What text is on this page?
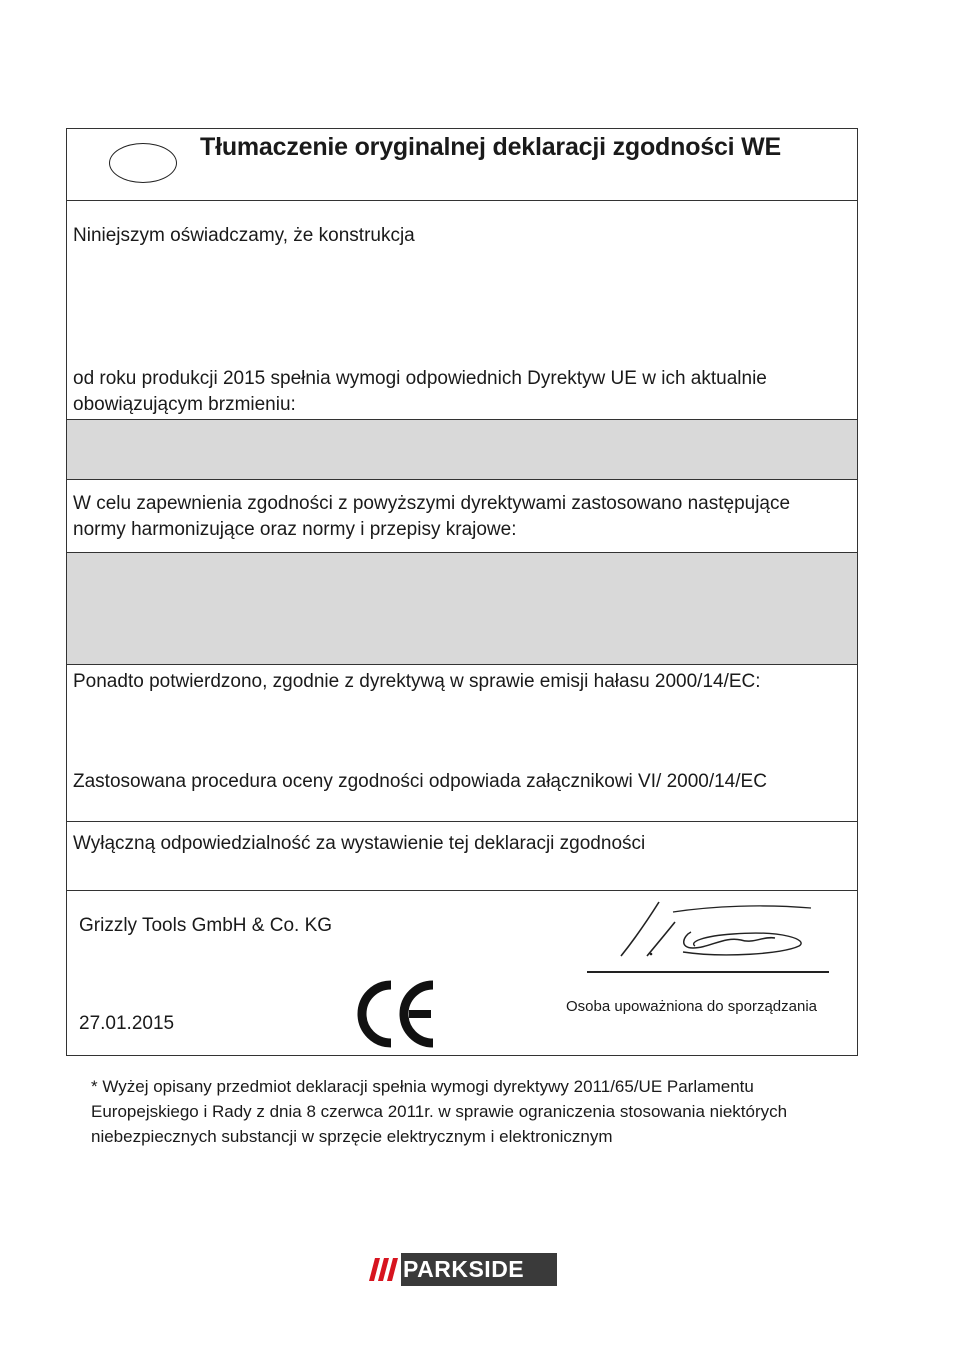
Tłumaczenie oryginalnej deklaracji zgodności WE

Niniejszym oświadczamy, że konstrukcja

od roku produkcji 2015 spełnia wymogi odpowiednich Dyrektyw UE w ich aktualnie

obowiązującym brzmieniu:

W celu zapewnienia zgodności z powyższymi dyrektywami zastosowano następujące

normy harmonizujące oraz normy i przepisy krajowe:

Ponadto potwierdzono, zgodnie z dyrektywą w sprawie emisji hałasu 2000/14/EC:

Zastosowana procedura oceny zgodności odpowiada załącznikowi VI/ 2000/14/EC

Wyłączną odpowiedzialność za wystawienie tej deklaracji zgodności

Grizzly Tools GmbH & Co. KG

27.01.2015

Osoba upoważniona do sporządzania
* Wyżej opisany przedmiot deklaracji spełnia wymogi dyrektywy 2011/65/UE Parlamentu
Europejskiego i Rady z dnia 8 czerwca 2011r. w sprawie ograniczenia stosowania niektórych
niebezpiecznych substancji w sprzęcie elektrycznym i elektronicznym
PARKSIDE
